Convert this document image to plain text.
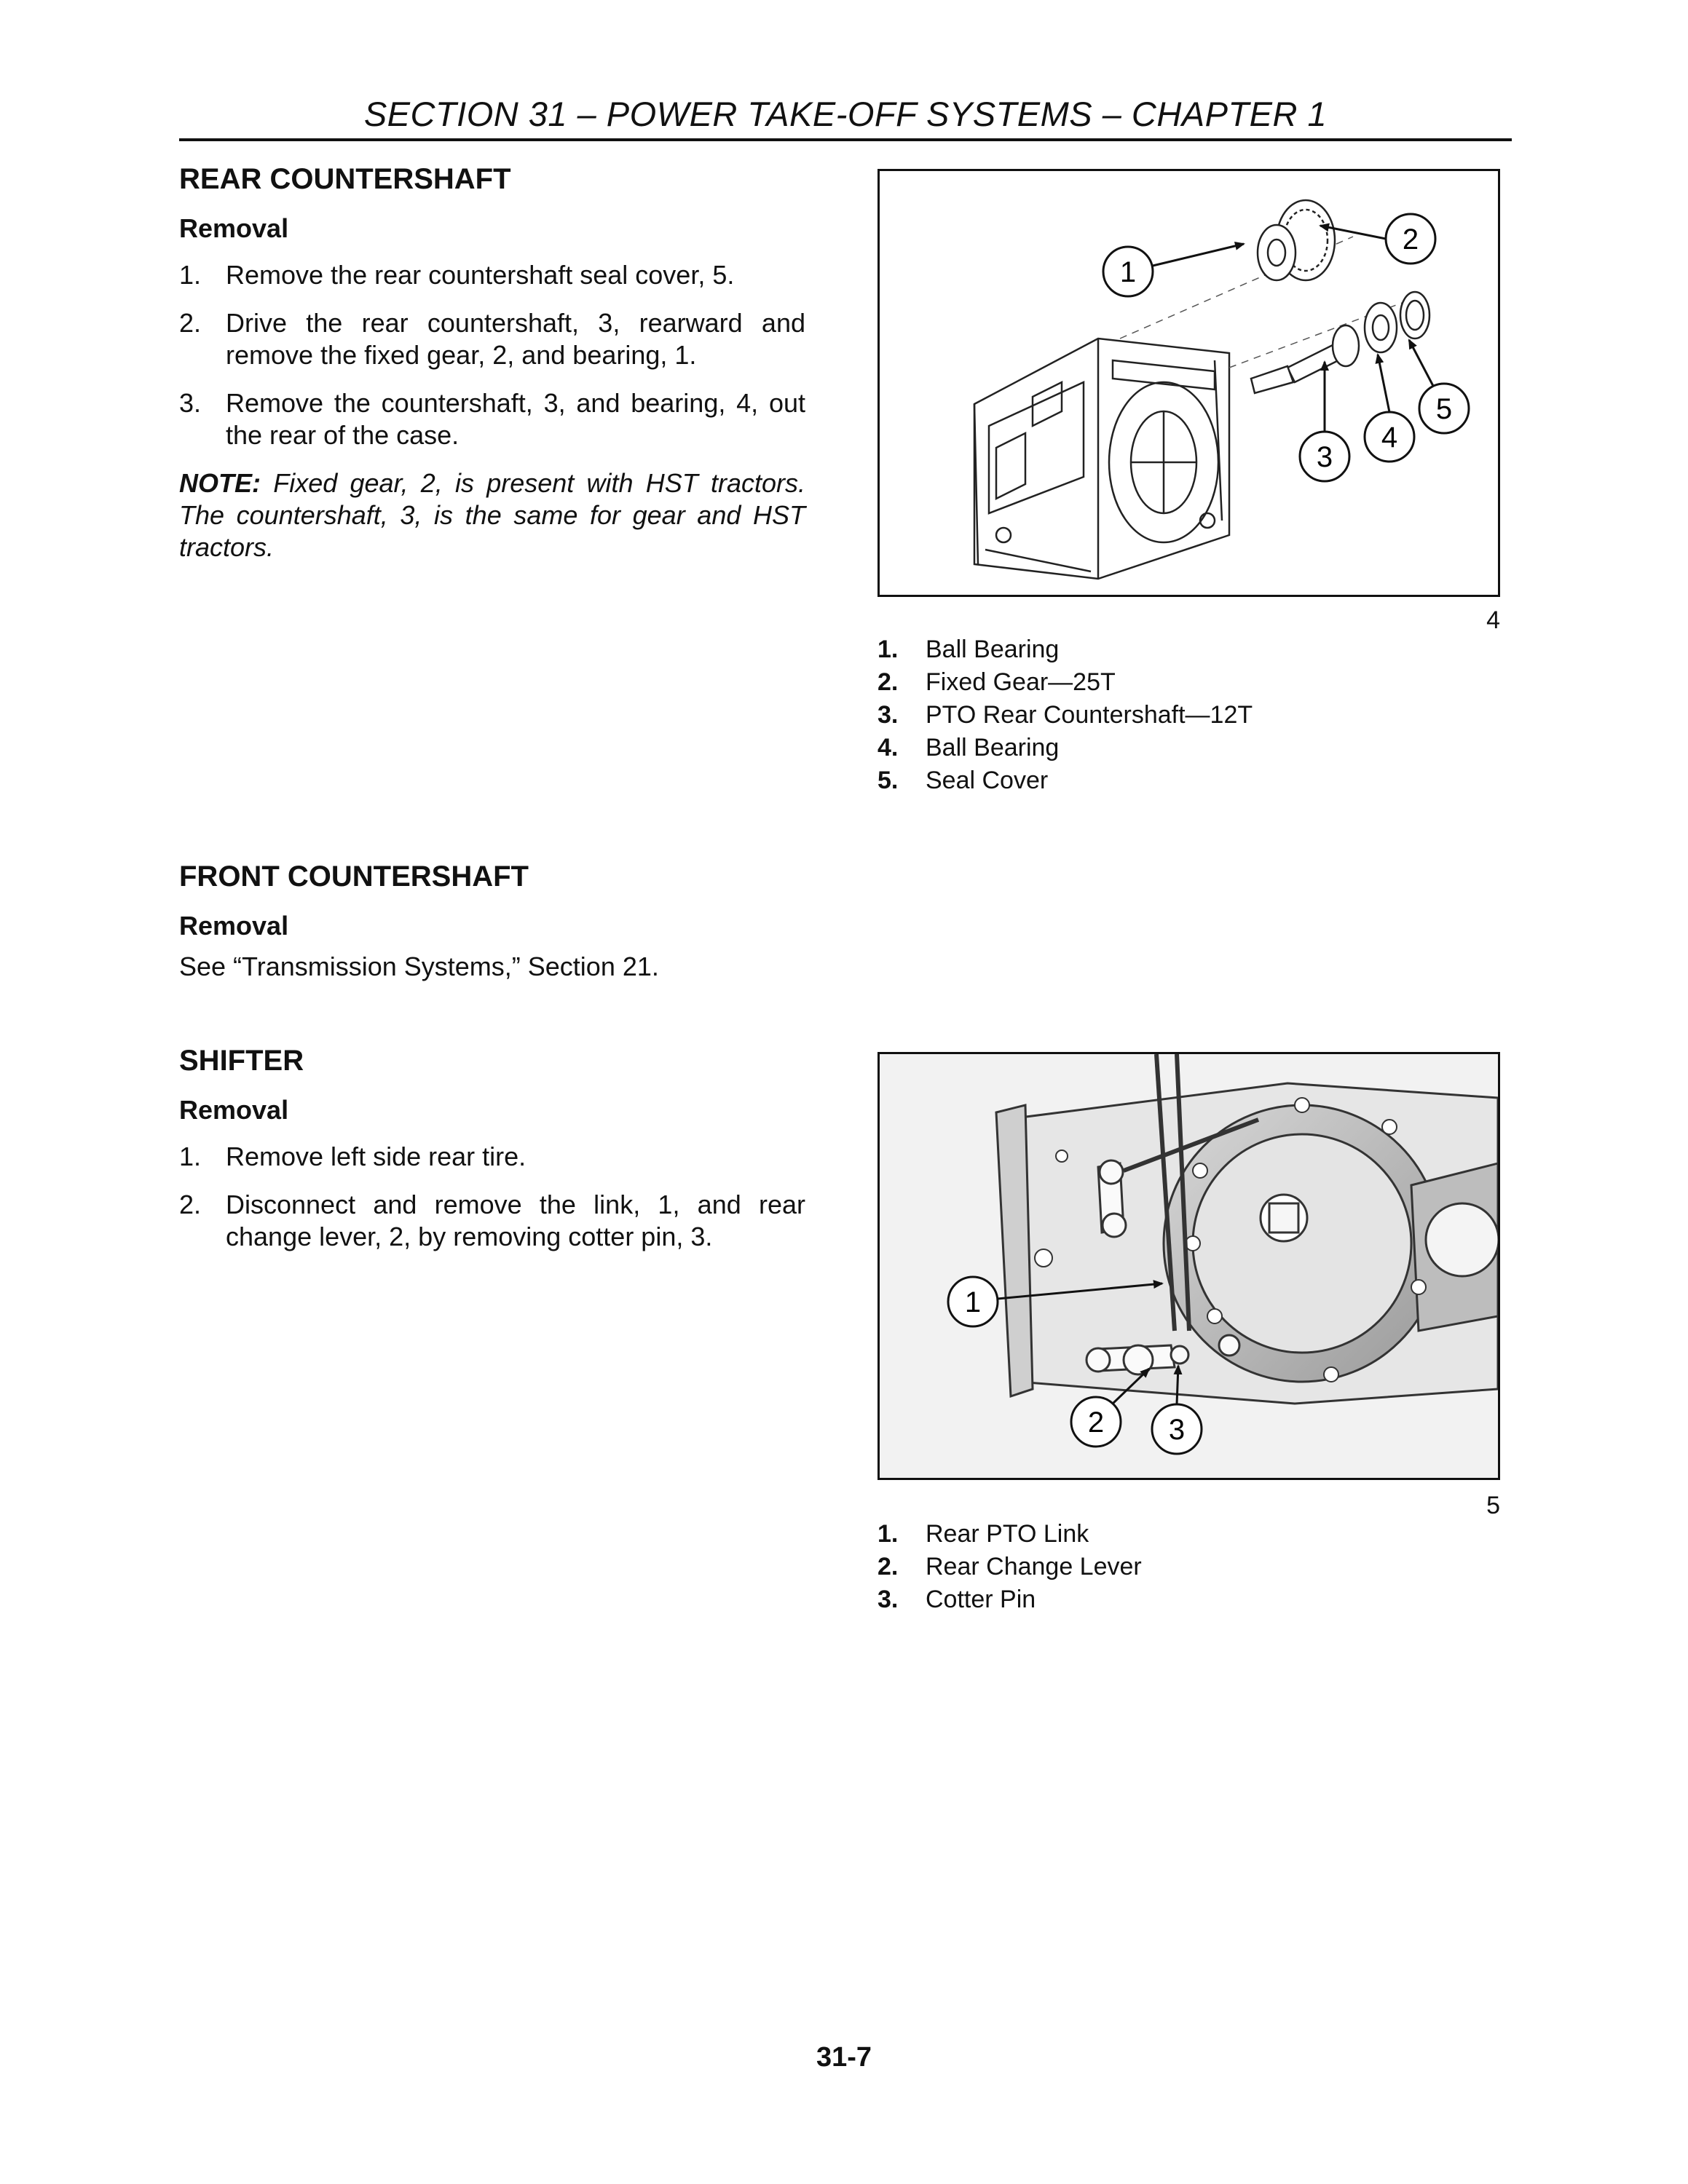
SECTION 31 – POWER TAKE-OFF SYSTEMS – CHAPTER 1
REAR COUNTERSHAFT
Removal
1. Remove the rear countershaft seal cover, 5.
2. Drive the rear countershaft, 3, rearward and remove the fixed gear, 2, and bearing, 1.
3. Remove the countershaft, 3, and bearing, 4, out the rear of the case.

NOTE: Fixed gear, 2, is present with HST tractors. The countershaft, 3, is the same for gear and HST tractors.

1
2
3
4
5
4
1. Ball Bearing
2. Fixed Gear—25T
3. PTO Rear Countershaft—12T
4. Ball Bearing
5. Seal Cover
FRONT COUNTERSHAFT
Removal

See “Transmission Systems,” Section 21.

SHIFTER
Removal
1. Remove left side rear tire.
2. Disconnect and remove the link, 1, and rear change lever, 2, by removing cotter pin, 3.
1
2 3
5
1. Rear PTO Link
2. Rear Change Lever
3. Cotter Pin
31-7
